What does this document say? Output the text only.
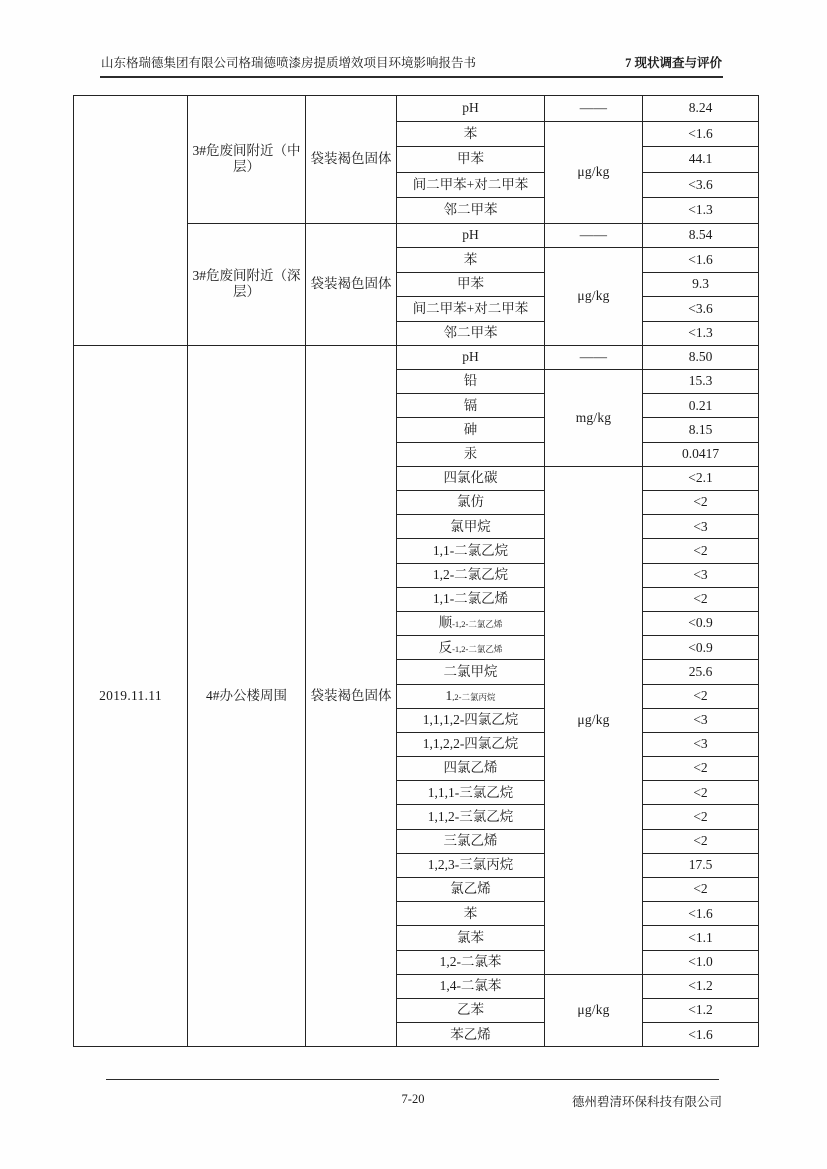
山东格瑞德集团有限公司格瑞德喷漆房提质增效项目环境影响报告书	7 现状调查与评价
	3#危废间附近（中层）	袋装褐色固体	pH	——	8.24
			苯	μg/kg	<1.6
			甲苯		44.1
			间二甲苯+对二甲苯		<3.6
			邻二甲苯		<1.3
	3#危废间附近（深层）	袋装褐色固体	pH	——	8.54
			苯	μg/kg	<1.6
			甲苯		9.3
			间二甲苯+对二甲苯		<3.6
			邻二甲苯		<1.3
2019.11.11	4#办公楼周围	袋装褐色固体	pH	——	8.50
			铅	mg/kg	15.3
			镉		0.21
			砷		8.15
			汞		0.0417
			四氯化碳	μg/kg	<2.1
			氯仿		<2
			氯甲烷		<3
			1,1-二氯乙烷		<2
			1,2-二氯乙烷		<3
			1,1-二氯乙烯		<2
			顺-1,2-二氯乙烯		<0.9
			反-1,2-二氯乙烯		<0.9
			二氯甲烷		25.6
			1,2-二氯丙烷		<2
			1,1,1,2-四氯乙烷		<3
			1,1,2,2-四氯乙烷		<3
			四氯乙烯		<2
			1,1,1-三氯乙烷		<2
			1,1,2-三氯乙烷		<2
			三氯乙烯		<2
			1,2,3-三氯丙烷		17.5
			氯乙烯		<2
			苯		<1.6
			氯苯		<1.1
			1,2-二氯苯		<1.0
			1,4-二氯苯	μg/kg	<1.2
			乙苯		<1.2
			苯乙烯		<1.6
7-20	德州碧清环保科技有限公司
